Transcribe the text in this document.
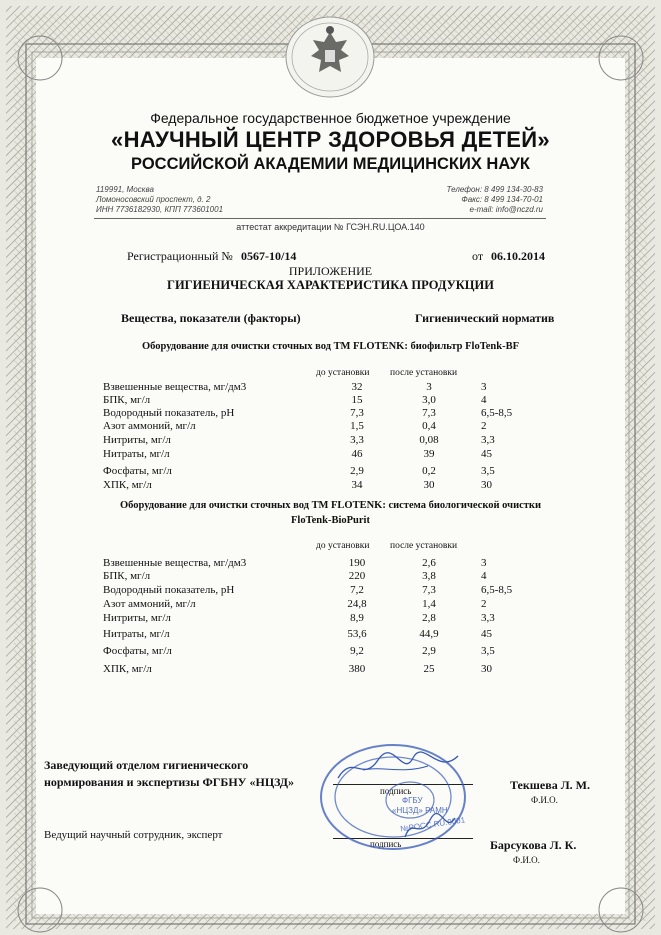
Федеральное государственное бюджетное учреждение
«НАУЧНЫЙ ЦЕНТР ЗДОРОВЬЯ ДЕТЕЙ»
РОССИЙСКОЙ АКАДЕМИИ МЕДИЦИНСКИХ НАУК
119991, Москва
Ломоносовский проспект, д. 2
ИНН 7736182930, КПП 773601001
Телефон: 8 499 134-30-83
Факс: 8 499 134-70-01
e-mail: info@nczd.ru
аттестат аккредитации № ГСЭН.RU.ЦОА.140
Регистрационный № 0567-10/14	от 06.10.2014
ПРИЛОЖЕНИЕ
ГИГИЕНИЧЕСКАЯ ХАРАКТЕРИСТИКА ПРОДУКЦИИ
Вещества, показатели (факторы)	Гигиенический норматив
Оборудование для очистки сточных вод ТМ FLOTENK: биофильтр FloTenk-BF
до установки после установки
Взвешенные вещества, мг/дм3	32	3	3
БПК, мг/л	15	3,0	4
Водородный показатель, pH	7,3	7,3	6,5-8,5
Азот аммоний, мг/л	1,5	0,4	2
Нитриты, мг/л	3,3	0,08	3,3
Нитраты, мг/л	46	39	45
Фосфаты, мг/л	2,9	0,2	3,5
ХПК, мг/л	34	30	30
Оборудование для очистки сточных вод ТМ FLOTENK: система биологической очистки
FloTenk-BioPurit
до установки после установки
Взвешенные вещества, мг/дм3	190	2,6	3
БПК, мг/л	220	3,8	4
Водородный показатель, pH	7,2	7,3	6,5-8,5
Азот аммоний, мг/л	24,8	1,4	2
Нитриты, мг/л	8,9	2,8	3,3
Нитраты, мг/л	53,6	44,9	45
Фосфаты, мг/л	9,2	2,9	3,5
ХПК, мг/л	380	25	30
Заведующий отделом гигиенического
нормирования и экспертизы ФГБНУ «НЦЗД»
подпись	Текшева Л. М.
Ф.И.О.
Ведущий научный сотрудник, эксперт
подпись	Барсукова Л. К.
Ф.И.О.
№РОСС RU.0001
ФГБУ
«НЦЗД» РАМН
